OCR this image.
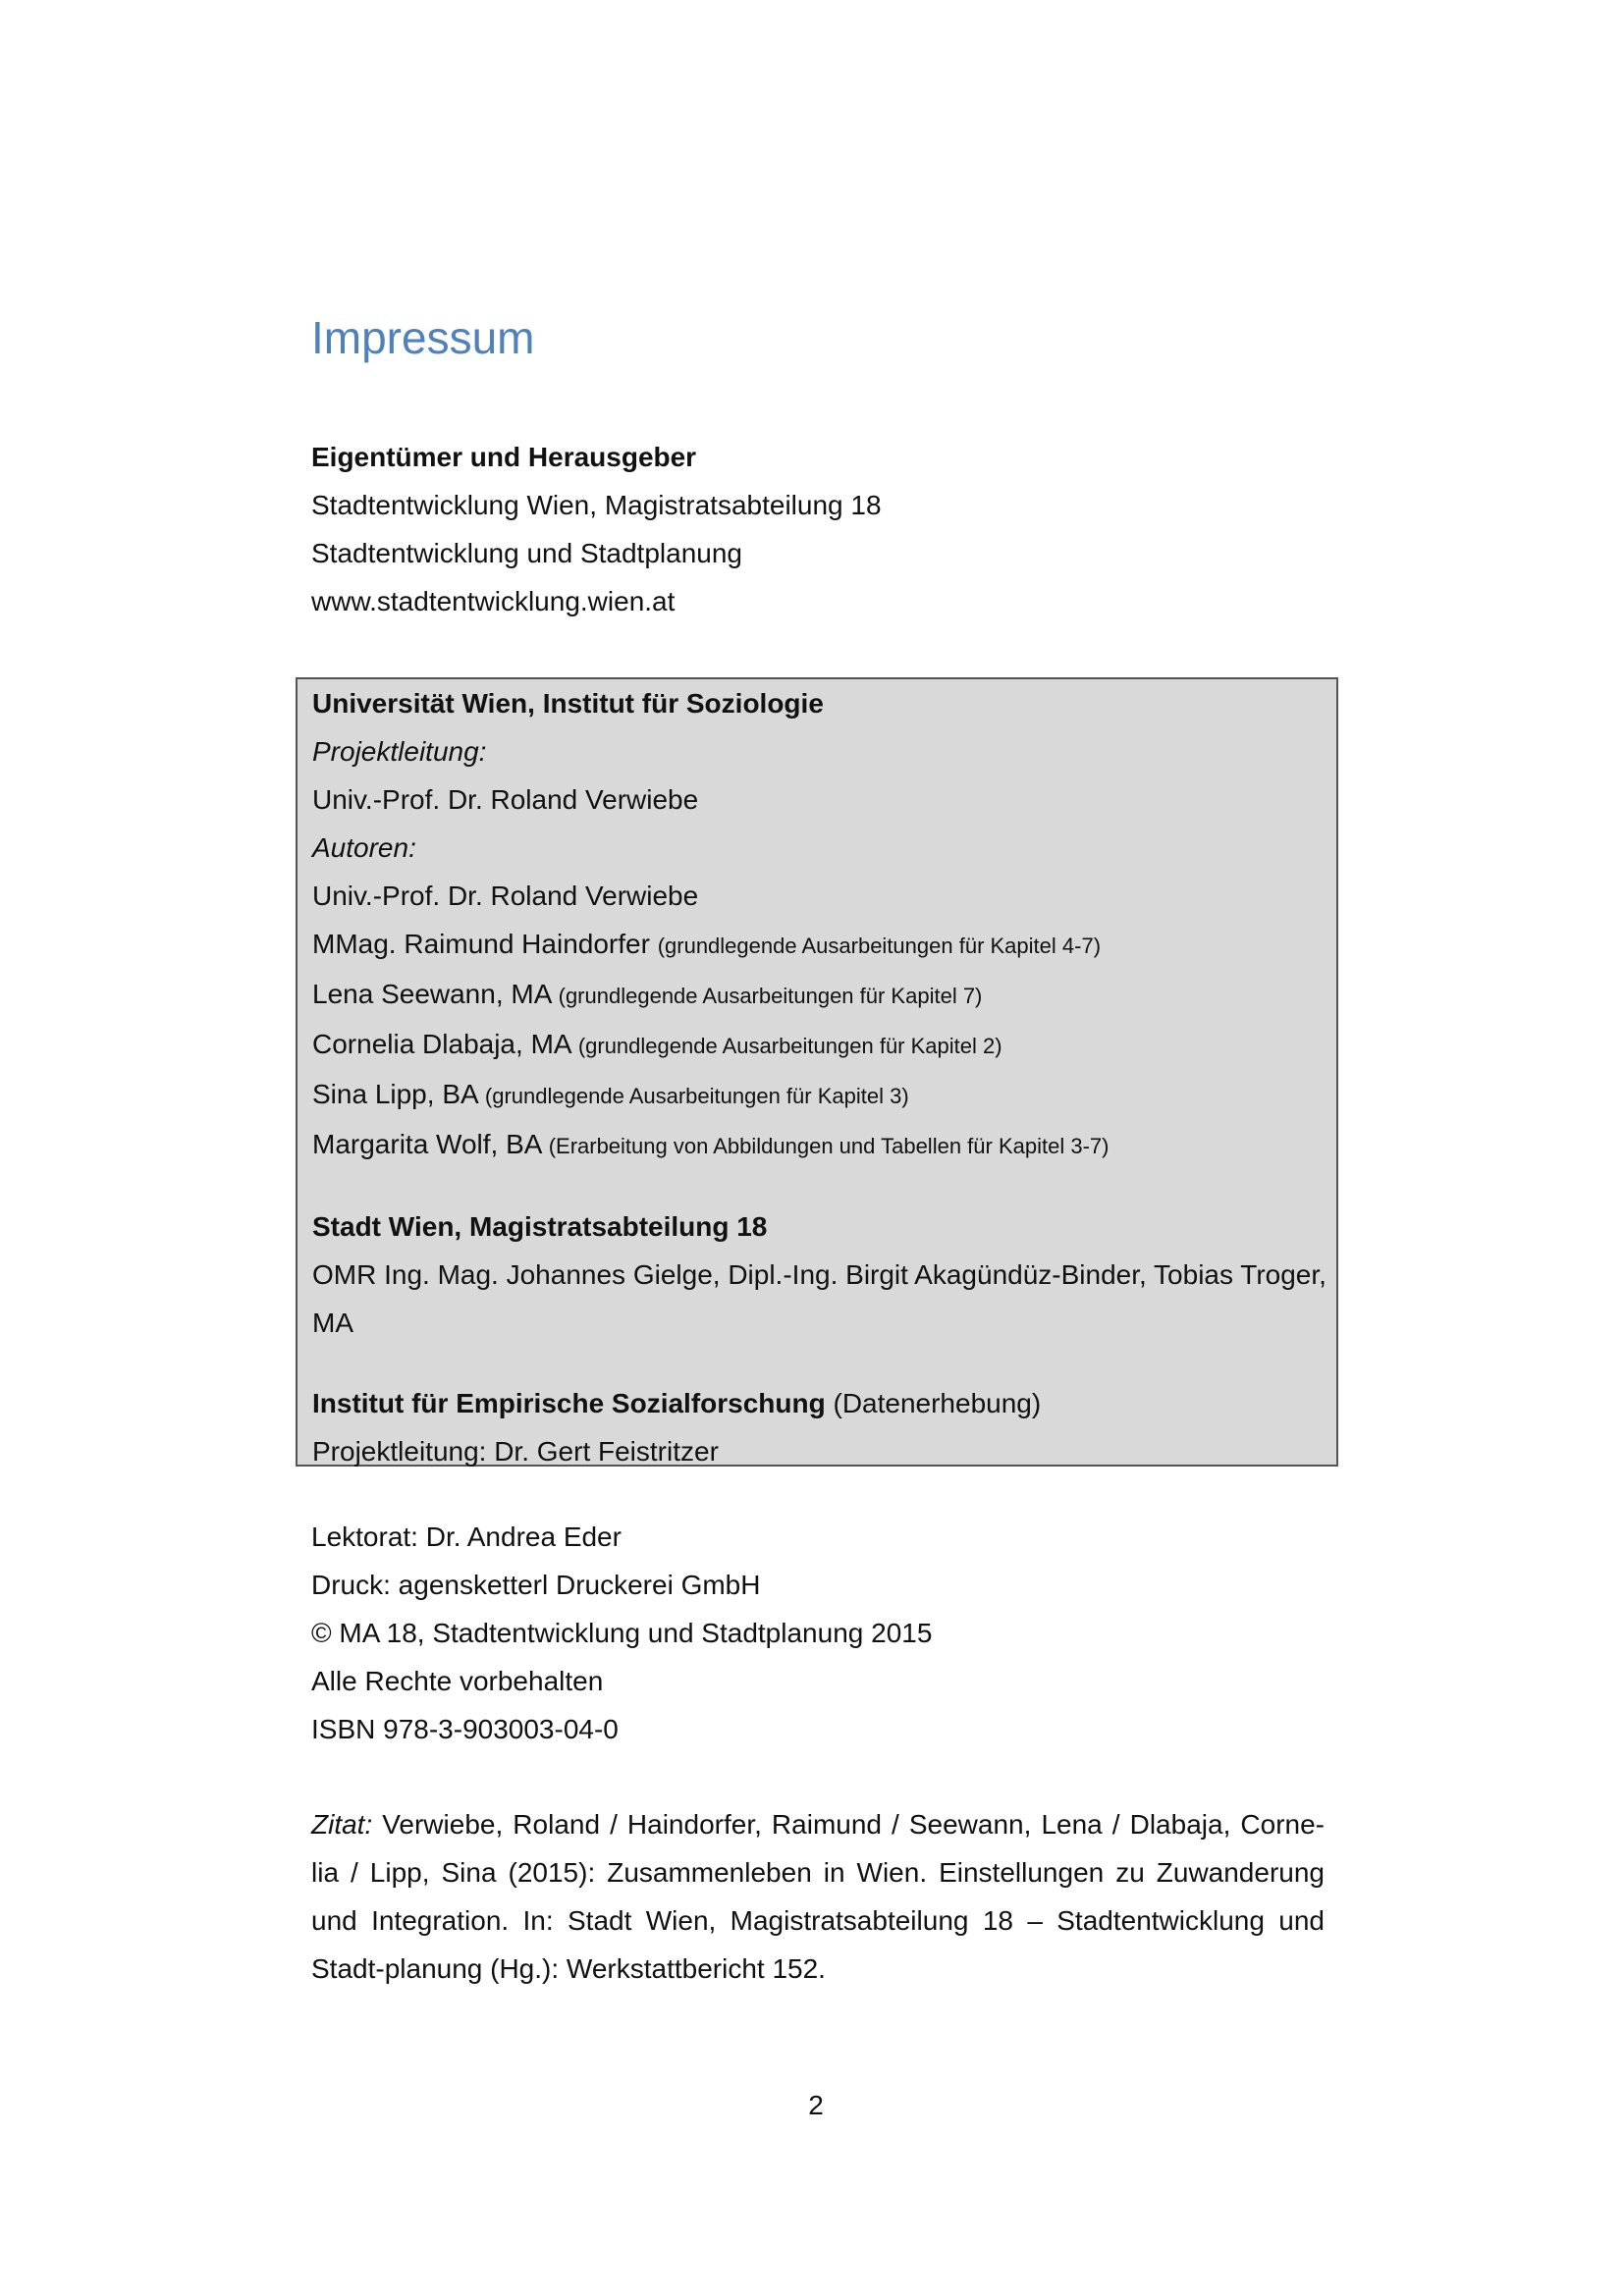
Impressum

Eigentümer und Herausgeber

Stadtentwicklung Wien, Magistratsabteilung 18

Stadtentwicklung und Stadtplanung

www.stadtentwicklung.wien.at

Universität Wien, Institut für Soziologie

Projektleitung:

Univ.-Prof. Dr. Roland Verwiebe

Autoren:

Univ.-Prof. Dr. Roland Verwiebe

MMag. Raimund Haindorfer (grundlegende Ausarbeitungen für Kapitel 4-7)

Lena Seewann, MA (grundlegende Ausarbeitungen für Kapitel 7)

Cornelia Dlabaja, MA (grundlegende Ausarbeitungen für Kapitel 2)

Sina Lipp, BA (grundlegende Ausarbeitungen für Kapitel 3)

Margarita Wolf, BA (Erarbeitung von Abbildungen und Tabellen für Kapitel 3-7)

Stadt Wien, Magistratsabteilung 18

OMR Ing. Mag. Johannes Gielge, Dipl.-Ing. Birgit Akagündüz-Binder, Tobias Troger,

MA

Institut für Empirische Sozialforschung (Datenerhebung)

Projektleitung: Dr. Gert Feistritzer

Lektorat: Dr. Andrea Eder

Druck: agensketterl Druckerei GmbH

© MA 18, Stadtentwicklung und Stadtplanung 2015

Alle Rechte vorbehalten

ISBN 978-3-903003-04-0

Zitat: Verwiebe, Roland / Haindorfer, Raimund / Seewann, Lena / Dlabaja, Corne-lia / Lipp, Sina (2015): Zusammenleben in Wien. Einstellungen zu Zuwanderung und Integration. In: Stadt Wien, Magistratsabteilung 18 – Stadtentwicklung und Stadt-planung (Hg.): Werkstattbericht 152.

2
